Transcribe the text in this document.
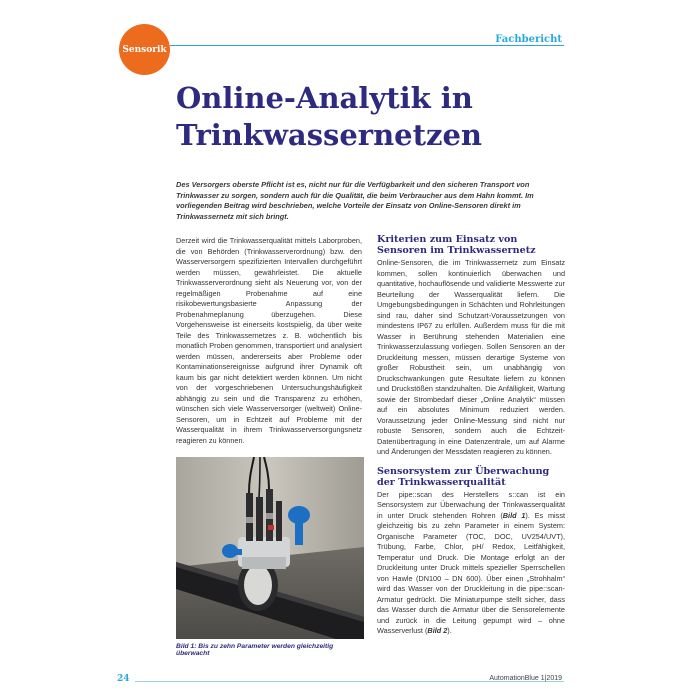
Sensorik
Fachbericht
Online-Analytik in
Trinkwassernetzen
Des Versorgers oberste Pflicht ist es, nicht nur für die Verfügbarkeit und den sicheren Transport von Trinkwasser zu sorgen, sondern auch für die Qualität, die beim Verbraucher aus dem Hahn kommt. Im vorliegenden Beitrag wird beschrieben, welche Vorteile der Einsatz von Online-Sensoren direkt im Trinkwassernetz mit sich bringt.

Derzeit wird die Trinkwasserqualität mittels Laborproben, die von Behörden (Trinkwasserverordnung) bzw. den Wasserversorgern spezifizierten Intervallen durchgeführt werden müssen, gewährleistet. Die aktuelle Trinkwasserverordnung sieht als Neuerung vor, von der regelmäßigen Probenahme auf eine risikobewertungsbasierte Anpassung der Probenahmeplanung überzugehen. Diese Vorgehensweise ist einerseits kostspielig, da über weite Teile des Trinkwassernetzes z. B. wöchentlich bis monatlich Proben genommen, transportiert und analysiert werden müssen, andererseits aber Probleme oder Kontaminationsereignisse aufgrund ihrer Dynamik oft kaum bis gar nicht detektiert werden können. Um nicht von der vorgeschriebenen Untersuchungshäufigkeit abhängig zu sein und die Transparenz zu erhöhen, wünschen sich viele Wasserversorger (weltweit) Online-Sensoren, um in Echtzeit auf Probleme mit der Wasserqualität in ihrem Trinkwasserversorgungsnetz reagieren zu können.

Kriterien zum Einsatz von Sensoren im Trinkwassernetz

Online-Sensoren, die im Trinkwassernetz zum Einsatz kommen, sollen kontinuierlich überwachen und quantitative, hochauflösende und validierte Messwerte zur Beurteilung der Wasserqualität liefern. Die Umgebungsbedingungen in Schächten und Rohrleitungen sind rau, daher sind Schutzart-Voraussetzungen von mindestens IP67 zu erfüllen. Außerdem muss für die mit Wasser in Berührung stehenden Materialien eine Trinkwasserzulassung vorliegen. Sollen Sensoren an der Druckleitung messen, müssen derartige Systeme von großer Robustheit sein, um unabhängig von Druckschwankungen gute Resultate liefern zu können und Druckstößen standzuhalten. Die Anfälligkeit, Wartung sowie der Strombedarf dieser „Online Analytik“ müssen auf ein absolutes Minimum reduziert werden. Voraussetzung jeder Online-Messung sind nicht nur robuste Sensoren, sondern auch die Echtzeit-Datenübertragung in eine Datenzentrale, um auf Alarme und Änderungen der Messdaten reagieren zu können.

Sensorsystem zur Überwachung der Trinkwasserqualität

Der pipe::scan des Herstellers s::can ist ein Sensorsystem zur Überwachung der Trinkwasserqualität in unter Druck stehenden Rohren (Bild 1). Es misst gleichzeitig bis zu zehn Parameter in einem System: Organische Parameter (TOC, DOC, UV254/UVT), Trübung, Farbe, Chlor, pH/ Redox, Leitfähigkeit, Temperatur und Druck. Die Montage erfolgt an der Druckleitung unter Druck mittels spezieller Sperrschellen von Hawle (DN100 – DN 600). Über einen „Strohhalm“ wird das Wasser von der Druckleitung in die pipe::scan-Armatur gedrückt. Die Miniaturpumpe stellt sicher, dass das Wasser durch die Armatur über die Sensorelemente und zurück in die Leitung gepumpt wird – ohne Wasserverlust (Bild 2).

Bild 1: Bis zu zehn Parameter werden gleichzeitig überwacht
24	AutomationBlue 1|2019
